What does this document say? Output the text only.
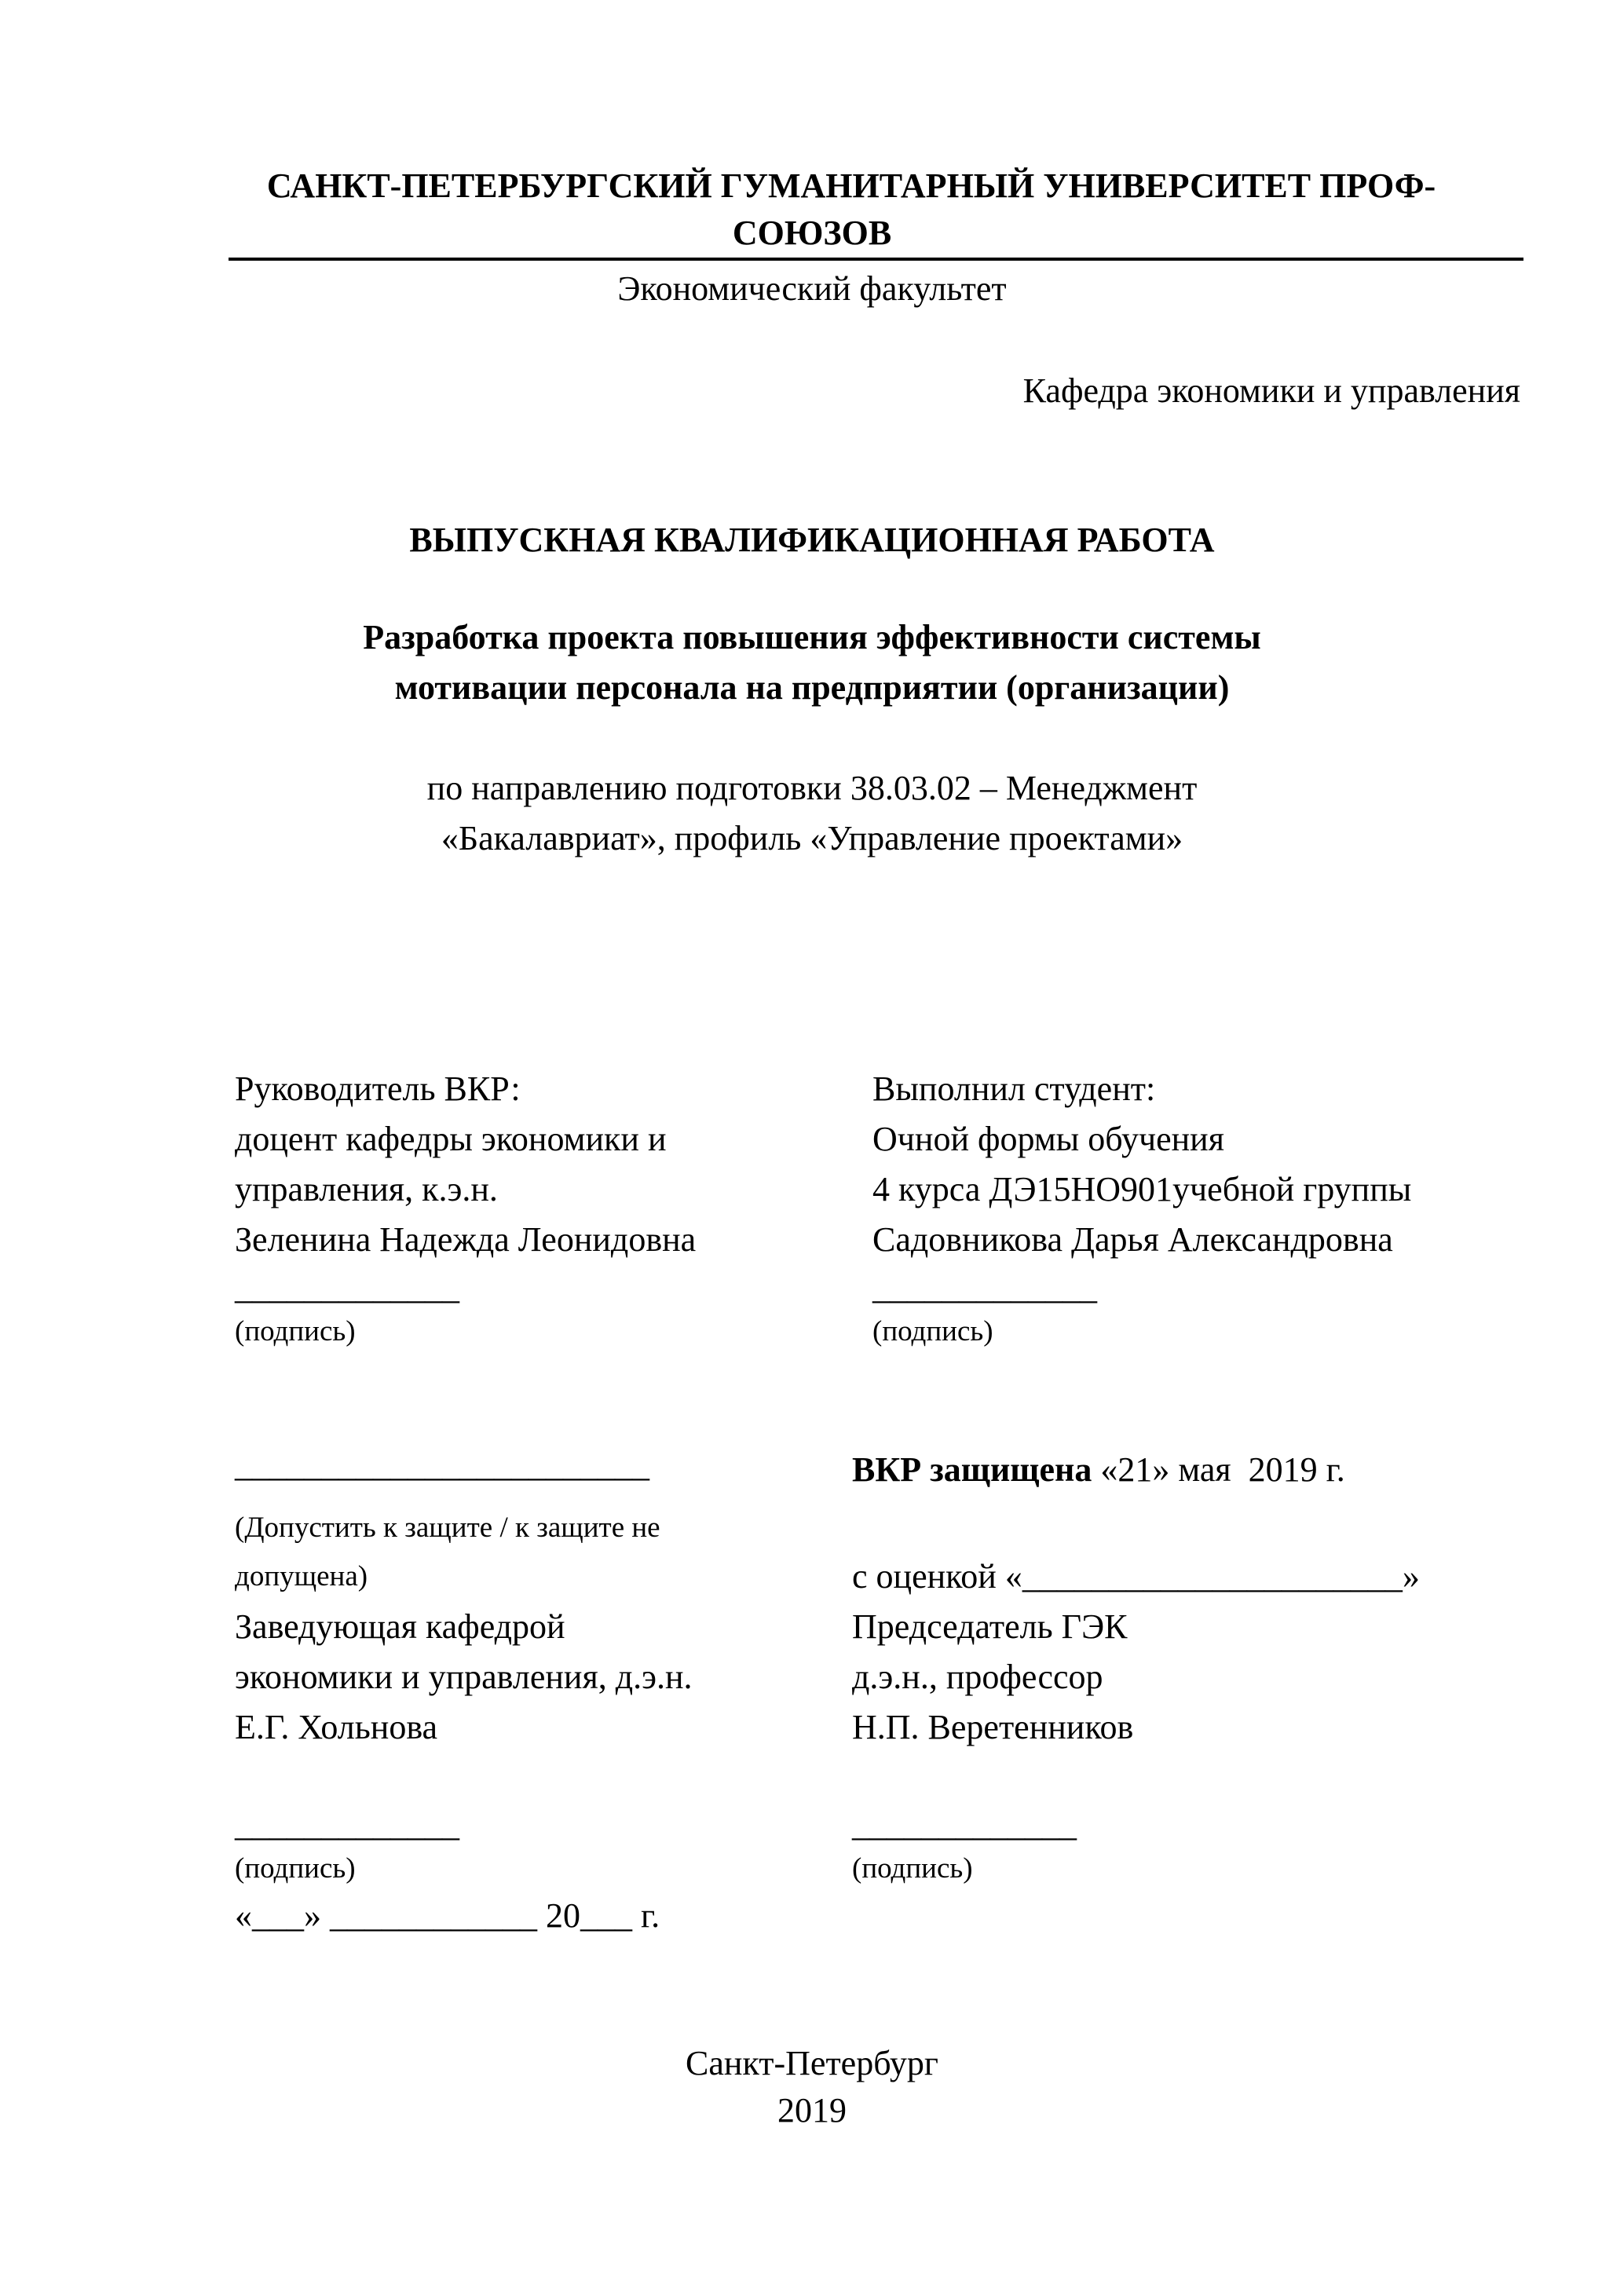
САНКТ-ПЕТЕРБУРГСКИЙ ГУМАНИТАРНЫЙ УНИВЕРСИТЕТ ПРОФ-
СОЮЗОВ
Экономический факультет
Кафедра экономики и управления
ВЫПУСКНАЯ КВАЛИФИКАЦИОННАЯ РАБОТА
Разработка проекта повышения эффективности системы
мотивации персонала на предприятии (организации)
по направлению подготовки 38.03.02 – Менеджмент
«Бакалавриат», профиль «Управление проектами»
Руководитель ВКР:
доцент кафедры экономики и
управления, к.э.н.
Зеленина Надежда Леонидовна
_____________
(подпись)
Выполнил студент:
Очной формы обучения
4 курса ДЭ15НО901учебной группы
Садовникова Дарья Александровна
_____________
(подпись)
________________________
(Допустить к защите / к защите не
допущена)
Заведующая кафедрой
экономики и управления, д.э.н.
Е.Г. Хольнова
_____________
(подпись)
«___» ____________ 20___ г.
ВКР защищена «21» мая  2019 г.
с оценкой «______________________»
Председатель ГЭК
д.э.н., профессор
Н.П. Веретенников
_____________
(подпись)
Санкт-Петербург
2019
